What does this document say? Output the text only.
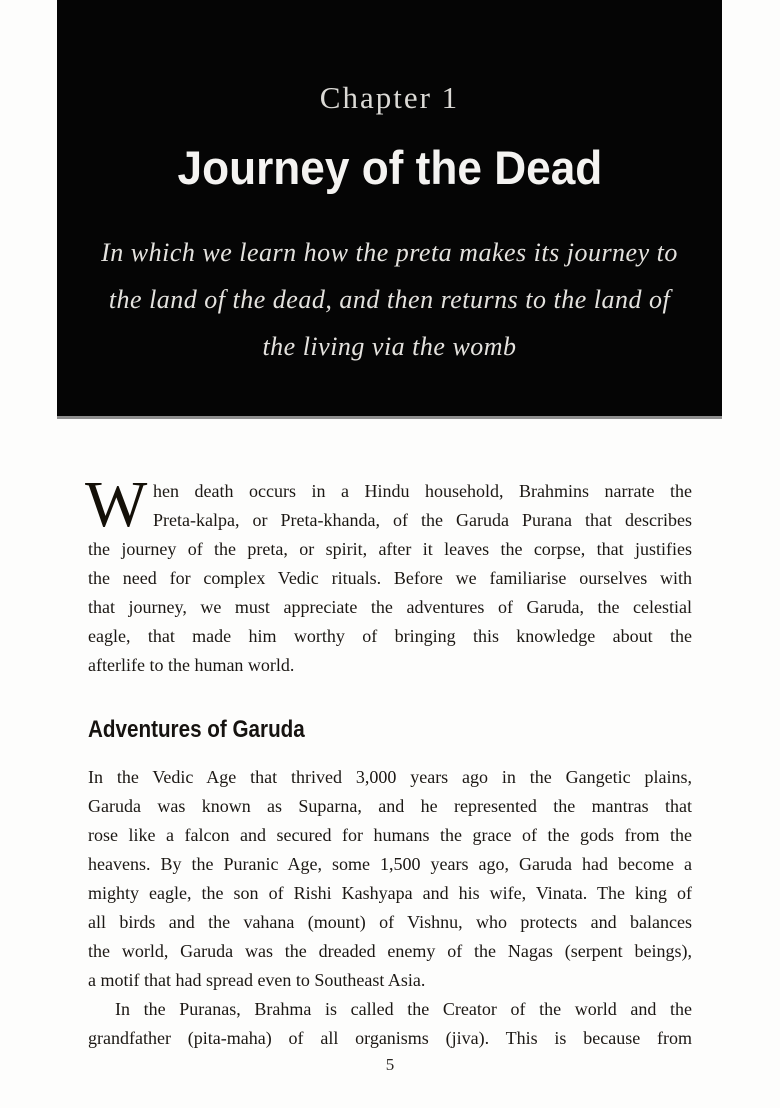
Chapter 1
Journey of the Dead
In which we learn how the preta makes its journey to
the land of the dead, and then returns to the land of
the living via the womb
W hen death occurs in a Hindu household, Brahmins narrate the
Preta-kalpa, or Preta-khanda, of the Garuda Purana that describes
the journey of the preta, or spirit, after it leaves the corpse, that justifies
the need for complex Vedic rituals. Before we familiarise ourselves with
that journey, we must appreciate the adventures of Garuda, the celestial
eagle, that made him worthy of bringing this knowledge about the
afterlife to the human world.
Adventures of Garuda
In the Vedic Age that thrived 3,000 years ago in the Gangetic plains,
Garuda was known as Suparna, and he represented the mantras that
rose like a falcon and secured for humans the grace of the gods from the
heavens. By the Puranic Age, some 1,500 years ago, Garuda had become a
mighty eagle, the son of Rishi Kashyapa and his wife, Vinata. The king of
all birds and the vahana (mount) of Vishnu, who protects and balances
the world, Garuda was the dreaded enemy of the Nagas (serpent beings),
a motif that had spread even to Southeast Asia.
In the Puranas, Brahma is called the Creator of the world and the
grandfather (pita-maha) of all organisms (jiva). This is because from
5
